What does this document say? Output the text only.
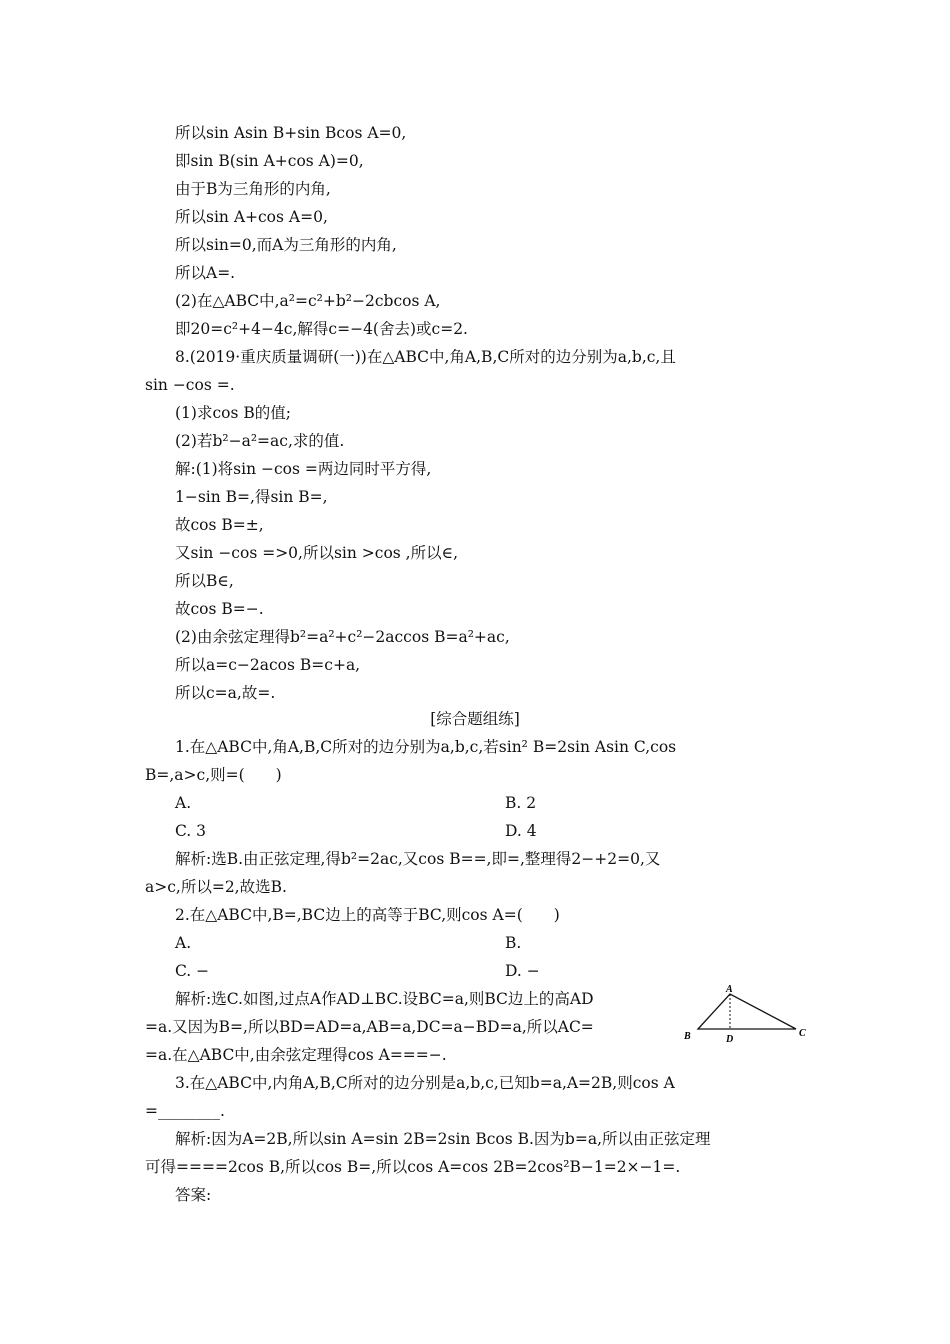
所以sin Asin B+sin Bcos A=0,
即sin B(sin A+cos A)=0,
由于B为三角形的内角,
所以sin A+cos A=0,
所以sin=0,而A为三角形的内角,
所以A=.
(2)在△ABC中,a²=c²+b²−2cbcos A,
即20=c²+4−4c,解得c=−4(舍去)或c=2.
8.(2019·重庆质量调研(一))在△ABC中,角A,B,C所对的边分别为a,b,c,且
sin −cos =.
(1)求cos B的值;
(2)若b²−a²=ac,求的值.
解:(1)将sin −cos =两边同时平方得,
1−sin B=,得sin B=,
故cos B=±,
又sin −cos =>0,所以sin >cos ,所以∈,
所以B∈,
故cos B=−.
(2)由余弦定理得b²=a²+c²−2accos B=a²+ac,
所以a=c−2acos B=c+a,
所以c=a,故=.
[综合题组练]
1.在△ABC中,角A,B,C所对的边分别为a,b,c,若sin² B=2sin Asin C,cos
B=,a>c,则=(　　)
A.	B. 2
C. 3	D. 4
解析:选B.由正弦定理,得b²=2ac,又cos B==,即=,整理得2−+2=0,又
a>c,所以=2,故选B.
2.在△ABC中,B=,BC边上的高等于BC,则cos A=(　　)
A.	B.
C. −	D. −
解析:选C.如图,过点A作AD⊥BC.设BC=a,则BC边上的高AD
=a.又因为B=,所以BD=AD=a,AB=a,DC=a−BD=a,所以AC=
=a.在△ABC中,由余弦定理得cos A===−.
A
B	D
C
3.在△ABC中,内角A,B,C所对的边分别是a,b,c,已知b=a,A=2B,则cos A
=________.
解析:因为A=2B,所以sin A=sin 2B=2sin Bcos B.因为b=a,所以由正弦定理
可得====2cos B,所以cos B=,所以cos A=cos 2B=2cos²B−1=2×−1=.
答案:
